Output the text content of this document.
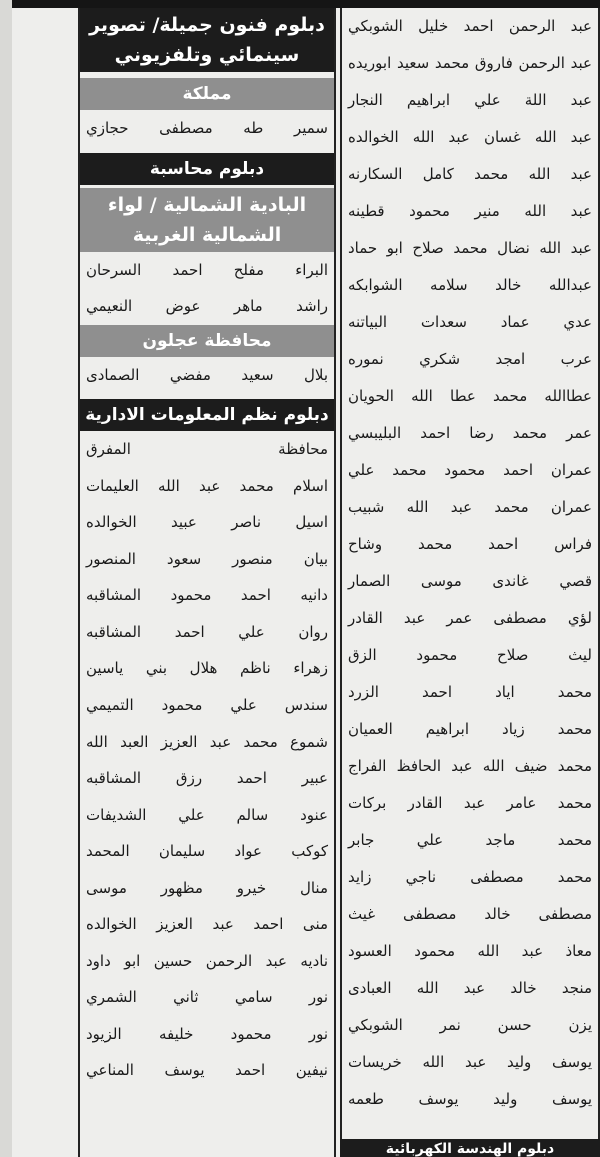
عبد الرحمن احمد خليل الشوبكي
عبد الرحمن فاروق محمد سعيد ابوريده
عبد اللة علي ابراهيم النجار
عبد الله غسان عبد الله الخوالده
عبد الله محمد كامل السكارنه
عبد الله منير محمود قطينه
عبد الله نضال محمد صلاح ابو حماد
عبدالله خالد سلامه الشوابكه
عدي عماد سعدات البياتنه
عرب امجد شكري نموره
عطاالله محمد عطا الله الحويان
عمر محمد رضا احمد البليبسي
عمران احمد محمود محمد علي
عمران محمد عبد الله شبيب
فراس احمد محمد وشاح
قصي غاندى موسى الصمار
لؤي مصطفى عمر عبد القادر
ليث صلاح محمود الزق
محمد اياد احمد الزرد
محمد زياد ابراهيم العميان
محمد ضيف الله عبد الحافظ الفراج
محمد عامر عبد القادر بركات
محمد ماجد علي جابر
محمد مصطفى ناجي زايد
مصطفى خالد مصطفى غيث
معاذ عبد الله محمود العسود
منجد خالد عبد الله العبادى
يزن حسن نمر الشوبكي
يوسف وليد عبد الله خريسات
يوسف وليد يوسف طعمه
دبلوم الهندسة الكهربائية
دبلوم فنون جميلة/ تصوير سينمائي وتلفزيوني
مملكة
سمير طه مصطفى حجازي
دبلوم محاسبة
البادية الشمالية / لواء الشمالية الغربية
البراء مفلح احمد السرحان
راشد ماهر عوض النعيمي
محافظة عجلون
بلال سعيد مفضي الصمادى
دبلوم نظم المعلومات الادارية
محافظة المفرق
اسلام محمد عبد الله العليمات
اسيل ناصر عبيد الخوالده
بيان منصور سعود المنصور
دانيه احمد محمود المشاقبه
روان علي احمد المشاقبه
زهراء ناظم هلال بني ياسين
سندس علي محمود التميمي
شموع محمد عبد العزيز العبد الله
عبير احمد رزق المشاقبه
عنود سالم علي الشديفات
كوكب عواد سليمان المحمد
منال خيرو مظهور موسى
منى احمد عبد العزيز الخوالده
ناديه عبد الرحمن حسين ابو داود
نور سامي ثاني الشمري
نور محمود خليفه الزيود
نيفين احمد يوسف المناعي
